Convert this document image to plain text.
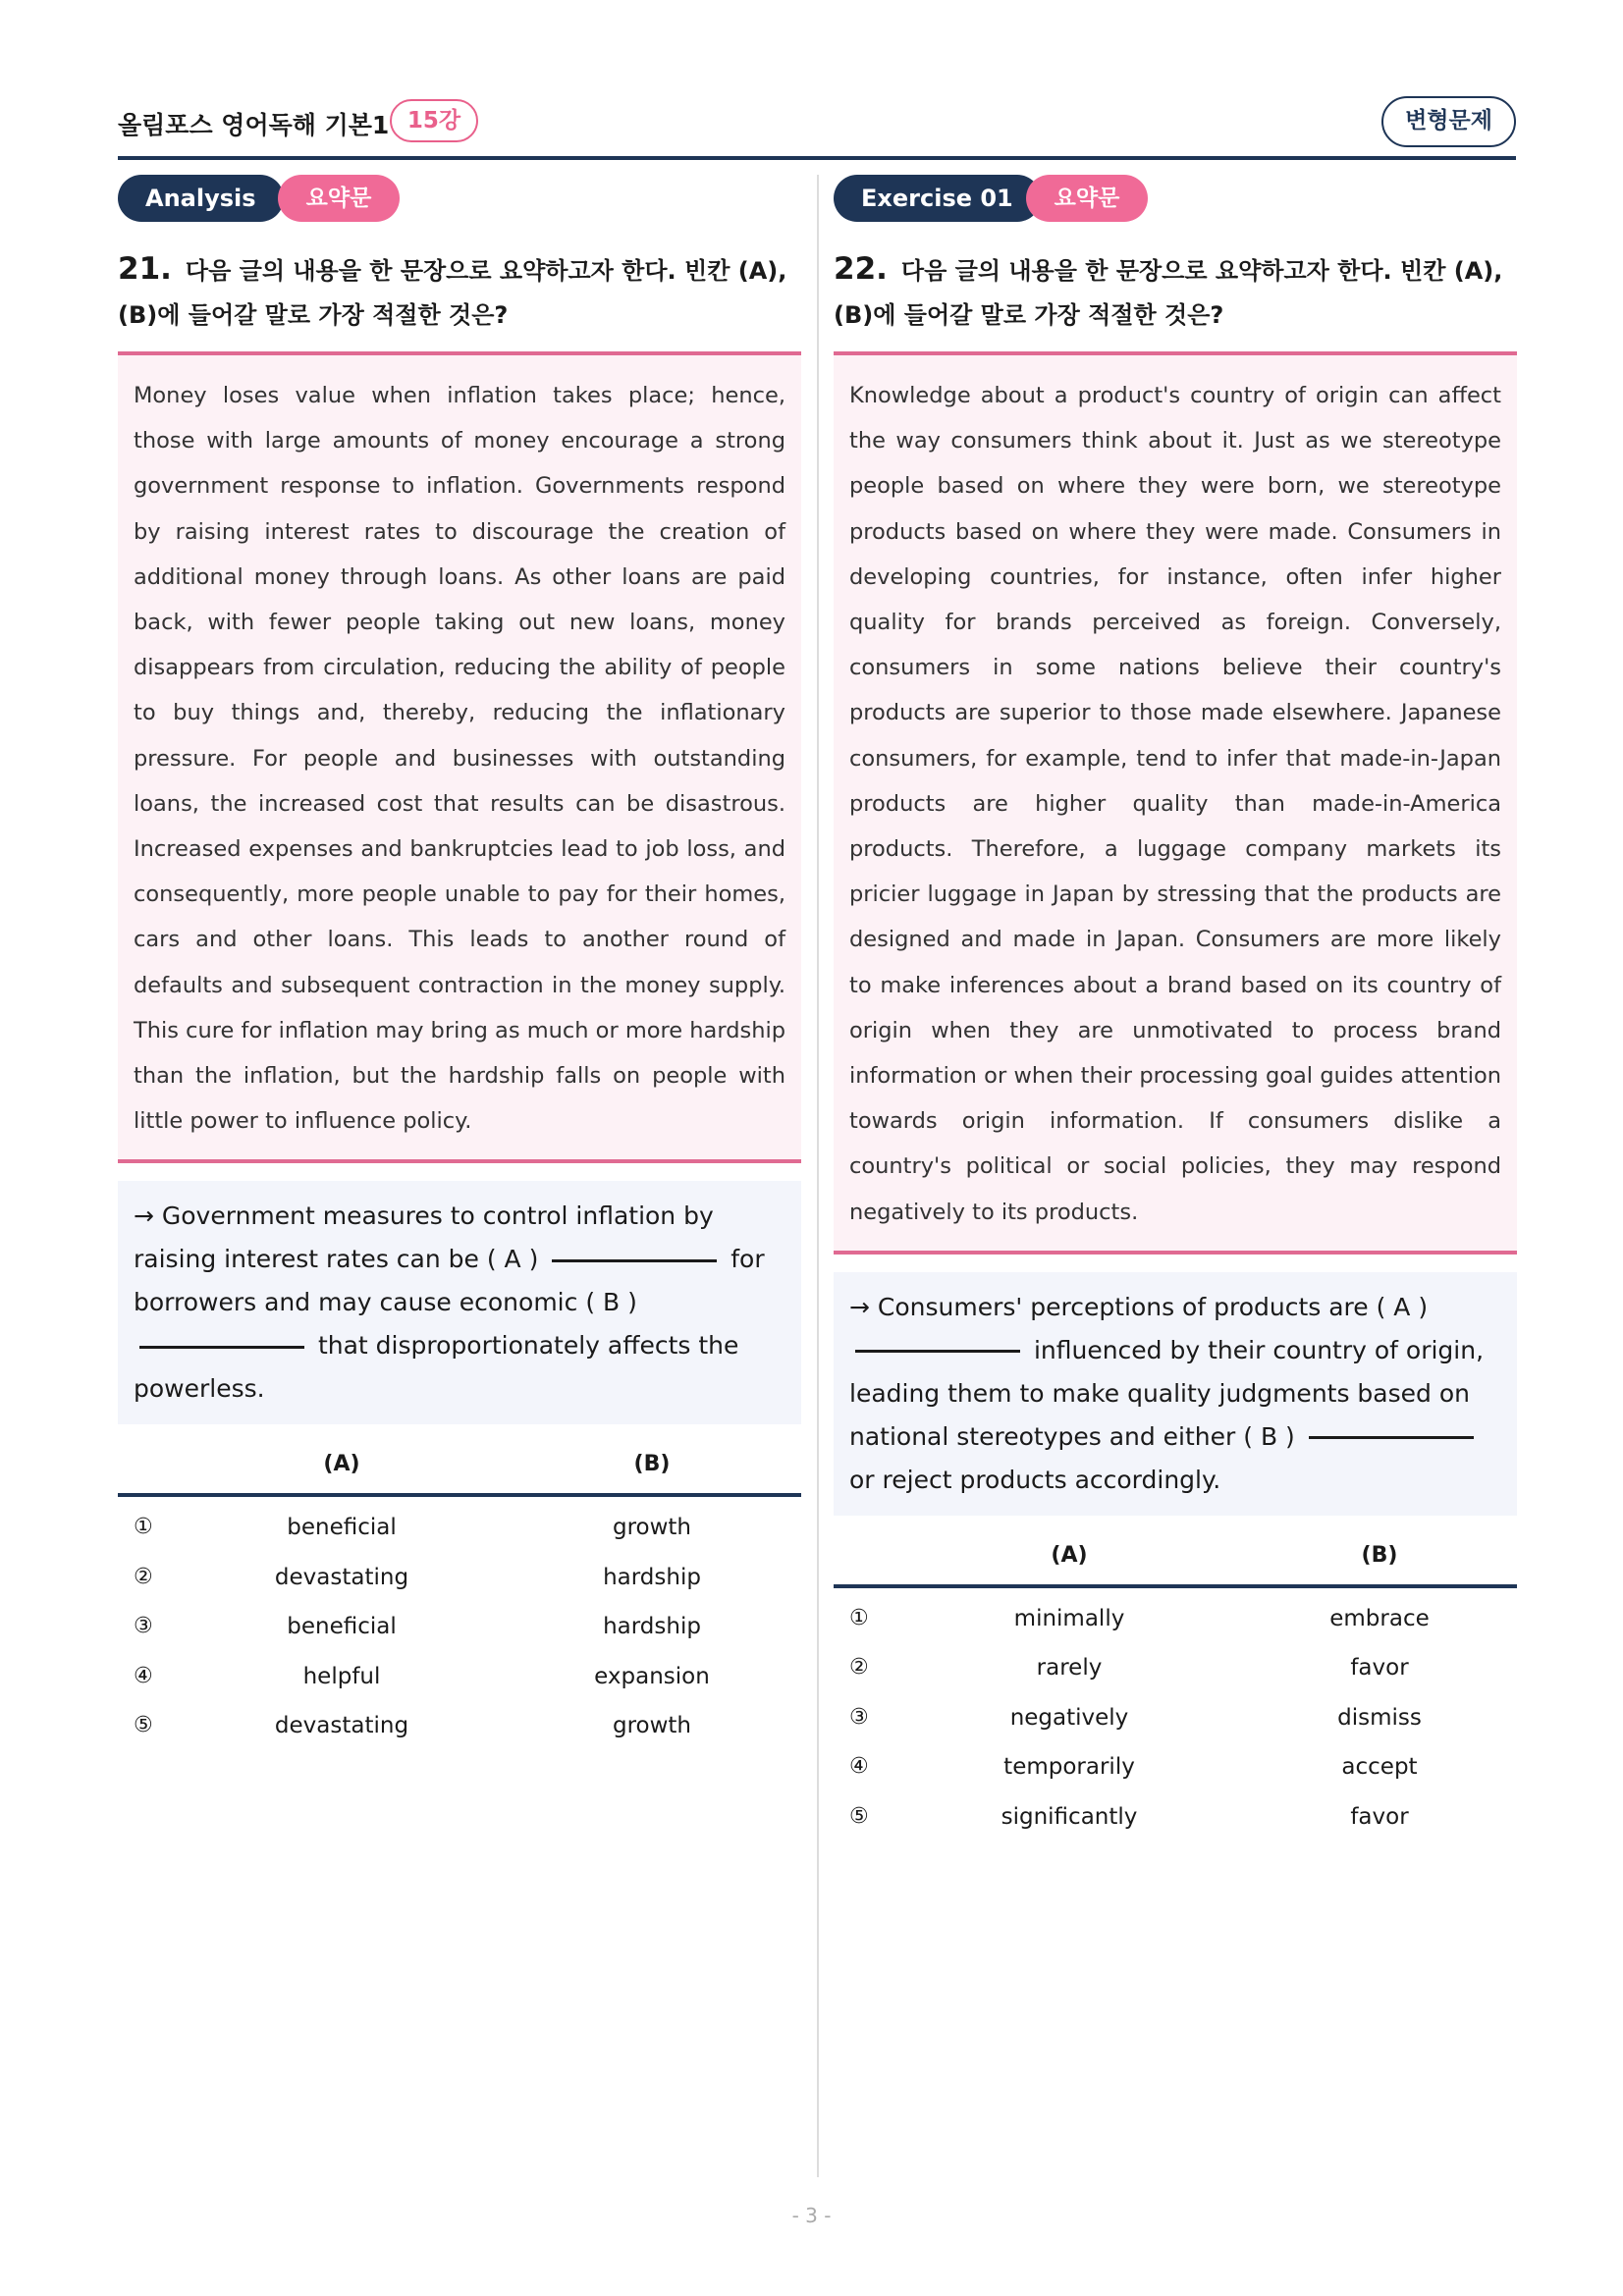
올림포스 영어독해 기본1 15강	변형문제
Analysis	요약문
21. 다음 글의 내용을 한 문장으로 요약하고자 한다. 빈칸 (A), (B)에 들어갈 말로 가장 적절한 것은?
Money loses value when inflation takes place; hence, those with large amounts of money encourage a strong government response to inflation. Governments respond by raising interest rates to discourage the creation of additional money through loans. As other loans are paid back, with fewer people taking out new loans, money disappears from circulation, reducing the ability of people to buy things and, thereby, reducing the inflationary pressure. For people and businesses with outstanding loans, the increased cost that results can be disastrous. Increased expenses and bankruptcies lead to job loss, and consequently, more people unable to pay for their homes, cars and other loans. This leads to another round of defaults and subsequent contraction in the money supply. This cure for inflation may bring as much or more hardship than the inflation, but the hardship falls on people with little power to influence policy.
→ Government measures to control inflation by raising interest rates can be ( A )	for borrowers and may cause economic ( B )  that disproportionately affects the powerless.
(A)	(B)
①	beneficial	growth
②	devastating	hardship
③	beneficial	hardship
④	helpful	expansion
⑤	devastating	growth
Exercise 01	요약문
22. 다음 글의 내용을 한 문장으로 요약하고자 한다. 빈칸 (A), (B)에 들어갈 말로 가장 적절한 것은?
Knowledge about a product's country of origin can affect the way consumers think about it. Just as we stereotype people based on where they were born, we stereotype products based on where they were made. Consumers in developing countries, for instance, often infer higher quality for brands perceived as foreign. Conversely, consumers in some nations believe their country's products are superior to those made elsewhere. Japanese consumers, for example, tend to infer that made-in-Japan products are higher quality than made-in-America products. Therefore, a luggage company markets its pricier luggage in Japan by stressing that the products are designed and made in Japan. Consumers are more likely to make inferences about a brand based on its country of origin when they are unmotivated to process brand information or when their processing goal guides attention towards origin information. If consumers dislike a country's political or social policies, they may respond negatively to its products.
→ Consumers' perceptions of products are ( A )  influenced by their country of origin, leading them to make quality judgments based on national stereotypes and either ( B )  or reject products accordingly.
(A)	(B)
①	minimally	embrace
②	rarely	favor
③	negatively	dismiss
④	temporarily	accept
⑤	significantly	favor
- 3 -
